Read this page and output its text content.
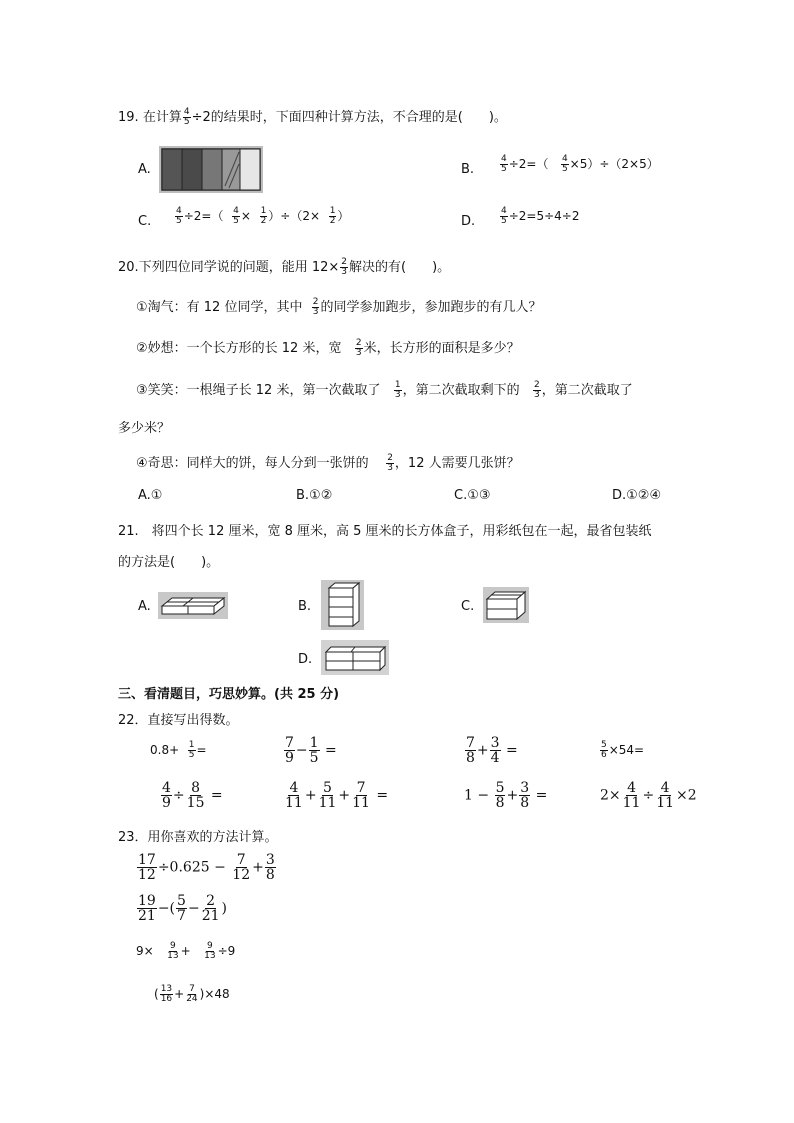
19. 在计算 $\frac{4}{5} \div 2$的结果时，下面四种计算方法，不合理的是(　　)。
A.	B.	$\frac{4}{5} \div 2=( \frac{4}{5} \times 5)\div(2\times 5)$
C.	$\frac{4}{5} \div 2=( \frac{4}{5} \times \frac{1}{2} )\div(2\times \frac{1}{2}$ ）	D.	$\frac{4}{5} \div 2=5\div 4\div 2$
20.下列四位同学说的问题，能用 $12\times \frac{2}{3}$ 解决的有(　　)。
①淘气：有 12 位同学，其中 $\frac{2}{3}$ 的同学参加跑步，参加跑步的有几人？
②妙想：一个长方形的长 12 米，宽 $\frac{2}{3}$ 米，长方形的面积是多少？
③笑笑：一根绳子长 12 米，第一次截取了 $\frac{1}{3}$ ，第二次截取剩下的 $\frac{2}{3}$ ，第二次截取了
多少米？
④奇思：同样大的饼，每人分到一张饼的 $\frac{2}{3}$ ，12 人需要几张饼？
A.①	B.①②	C.①③	D.①②④
21.　将四个长 12 厘米，宽 8 厘米，高 5 厘米的长方体盒子，用彩纸包在一起，最省包装纸
的方法是(　　)。
A.	B.	C.
D.
三、看清题目，巧思妙算。(共 25 分)
22．直接写出得数。
$0.8+ \frac{1}{5}$ =	$\frac{7}{9} - \frac{1}{5}$ =	$\frac{7}{8} + \frac{3}{4}$ =	$\frac{5}{6} \times 54=$
$\frac{4}{9} \div \frac{8}{15}$ =	$\frac{4}{11} + \frac{5}{11} + \frac{7}{11}$ =	$1 - \frac{5}{8} + \frac{3}{8}$ =	$2\times \frac{4}{11} \div \frac{4}{11} \times 2$
23．用你喜欢的方法计算。
$\frac{17}{12} \div 0.625 - \frac{7}{12} + \frac{3}{8}$
$\frac{19}{21}$ −( $\frac{5}{7} - \frac{2}{21}$ )
$9\times \frac{9}{13} + \frac{9}{13} \div 9$
( $\frac{13}{16} + \frac{7}{24} )\times 48$
